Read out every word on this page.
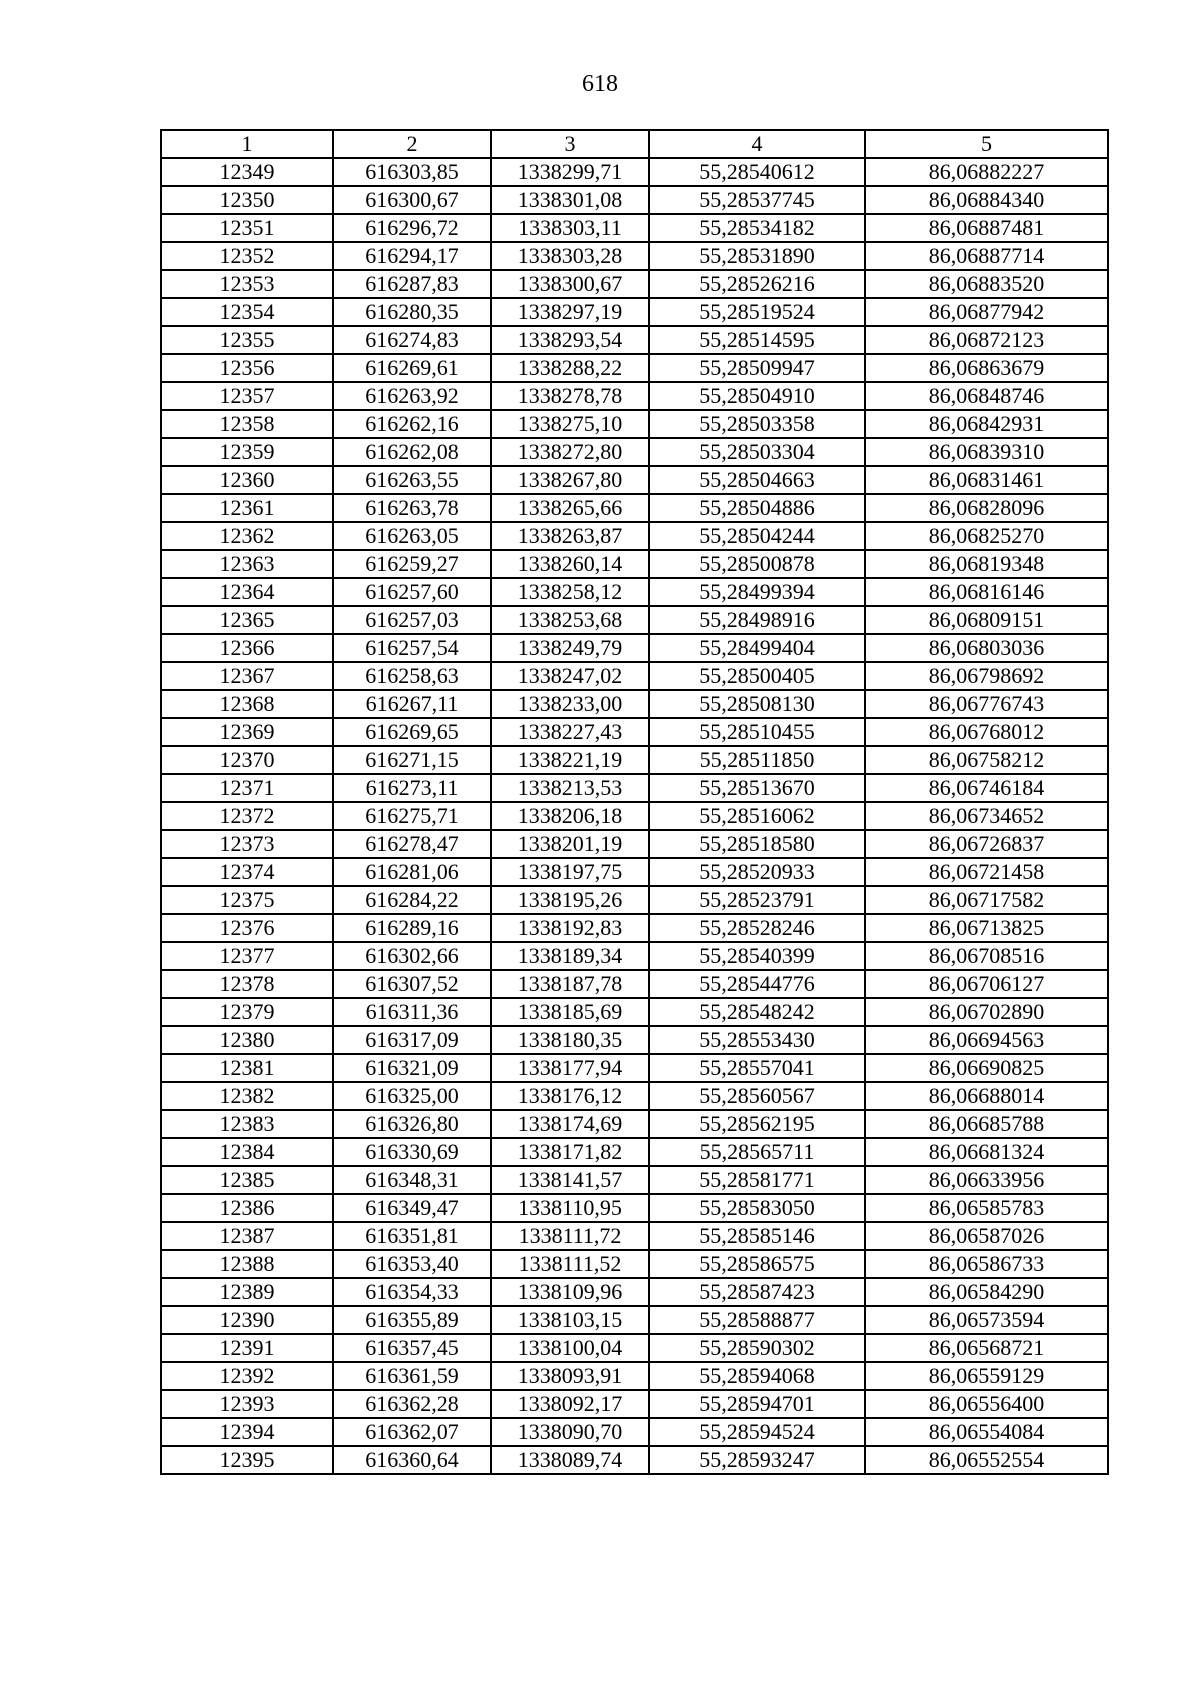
618
1	2	3	4	5
12349	616303,85	1338299,71	55,28540612	86,06882227
12350	616300,67	1338301,08	55,28537745	86,06884340
12351	616296,72	1338303,11	55,28534182	86,06887481
12352	616294,17	1338303,28	55,28531890	86,06887714
12353	616287,83	1338300,67	55,28526216	86,06883520
12354	616280,35	1338297,19	55,28519524	86,06877942
12355	616274,83	1338293,54	55,28514595	86,06872123
12356	616269,61	1338288,22	55,28509947	86,06863679
12357	616263,92	1338278,78	55,28504910	86,06848746
12358	616262,16	1338275,10	55,28503358	86,06842931
12359	616262,08	1338272,80	55,28503304	86,06839310
12360	616263,55	1338267,80	55,28504663	86,06831461
12361	616263,78	1338265,66	55,28504886	86,06828096
12362	616263,05	1338263,87	55,28504244	86,06825270
12363	616259,27	1338260,14	55,28500878	86,06819348
12364	616257,60	1338258,12	55,28499394	86,06816146
12365	616257,03	1338253,68	55,28498916	86,06809151
12366	616257,54	1338249,79	55,28499404	86,06803036
12367	616258,63	1338247,02	55,28500405	86,06798692
12368	616267,11	1338233,00	55,28508130	86,06776743
12369	616269,65	1338227,43	55,28510455	86,06768012
12370	616271,15	1338221,19	55,28511850	86,06758212
12371	616273,11	1338213,53	55,28513670	86,06746184
12372	616275,71	1338206,18	55,28516062	86,06734652
12373	616278,47	1338201,19	55,28518580	86,06726837
12374	616281,06	1338197,75	55,28520933	86,06721458
12375	616284,22	1338195,26	55,28523791	86,06717582
12376	616289,16	1338192,83	55,28528246	86,06713825
12377	616302,66	1338189,34	55,28540399	86,06708516
12378	616307,52	1338187,78	55,28544776	86,06706127
12379	616311,36	1338185,69	55,28548242	86,06702890
12380	616317,09	1338180,35	55,28553430	86,06694563
12381	616321,09	1338177,94	55,28557041	86,06690825
12382	616325,00	1338176,12	55,28560567	86,06688014
12383	616326,80	1338174,69	55,28562195	86,06685788
12384	616330,69	1338171,82	55,28565711	86,06681324
12385	616348,31	1338141,57	55,28581771	86,06633956
12386	616349,47	1338110,95	55,28583050	86,06585783
12387	616351,81	1338111,72	55,28585146	86,06587026
12388	616353,40	1338111,52	55,28586575	86,06586733
12389	616354,33	1338109,96	55,28587423	86,06584290
12390	616355,89	1338103,15	55,28588877	86,06573594
12391	616357,45	1338100,04	55,28590302	86,06568721
12392	616361,59	1338093,91	55,28594068	86,06559129
12393	616362,28	1338092,17	55,28594701	86,06556400
12394	616362,07	1338090,70	55,28594524	86,06554084
12395	616360,64	1338089,74	55,28593247	86,06552554
